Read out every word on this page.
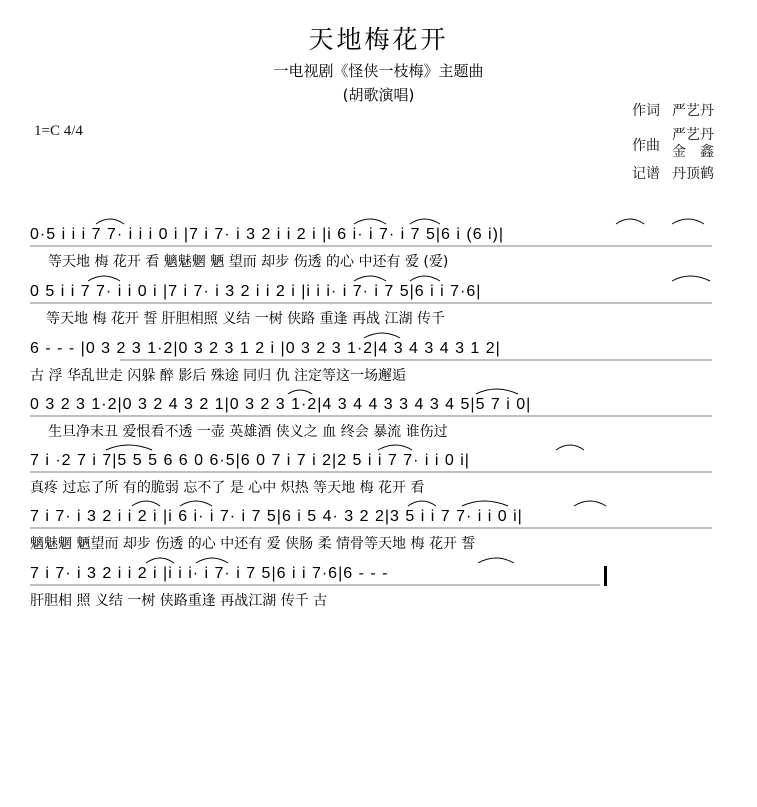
天地梅花开
一电视剧《怪侠一枝梅》主题曲
(胡歌演唱)
1=C 4/4
作词 严艺丹
作曲
严艺丹
金　鑫
记谱 丹顶鹤
0·5 i i i 7 7· i i i 0 i |7 i 7· i 3 2 i i 2 i |i 6 i· i 7· i 7 5|6 i (6 i)|
等天地 梅 花开 看 魑魅魍 魉 望而 却步 伤透 的心 中还有 爱 (爱)
0 5 i i 7 7· i i 0 i |7 i 7· i 3 2 i i 2 i |i i i· i 7· i 7 5|6 i i 7·6|
等天地 梅 花开 誓 肝胆相照 义结 一树 侠路 重逢 再战 江湖 传千
6 - - - |0 3 2 3 1·2|0 3 2 3 1 2 i |0 3 2 3 1·2|4 3 4 3 4 3 1 2|
古 浮 华乱世走 闪躲 醉 影后 殊途 同归 仇 注定等这一场邂逅
0 3 2 3 1·2|0 3 2 4 3 2 1|0 3 2 3 1·2|4 3 4 4 3 3 4 3 4 5|5 7 i 0|
生旦净末丑 爱恨看不透 一壶 英雄酒 侠义之 血 终会 暴流 谁伤过
7 i ·2 7 i 7|5 5 5 6 6 0 6·5|6 0 7 i 7 i 2|2 5 i i 7 7· i i 0 i|
真疼 过忘了所 有的脆弱 忘不了 是 心中 炽热 等天地 梅 花开 看
7 i 7· i 3 2 i i 2 i |i 6 i· i 7· i 7 5|6 i 5 4· 3 2 2|3 5 i i 7 7· i i 0 i|
魑魅魍 魉望而 却步 伤透 的心 中还有 爱 侠肠 柔 情骨等天地 梅 花开 誓
7 i 7· i 3 2 i i 2 i |i i i· i 7· i 7 5|6 i i 7·6|6 - - -
肝胆相 照 义结 一树 侠路重逢 再战江湖 传千 古
